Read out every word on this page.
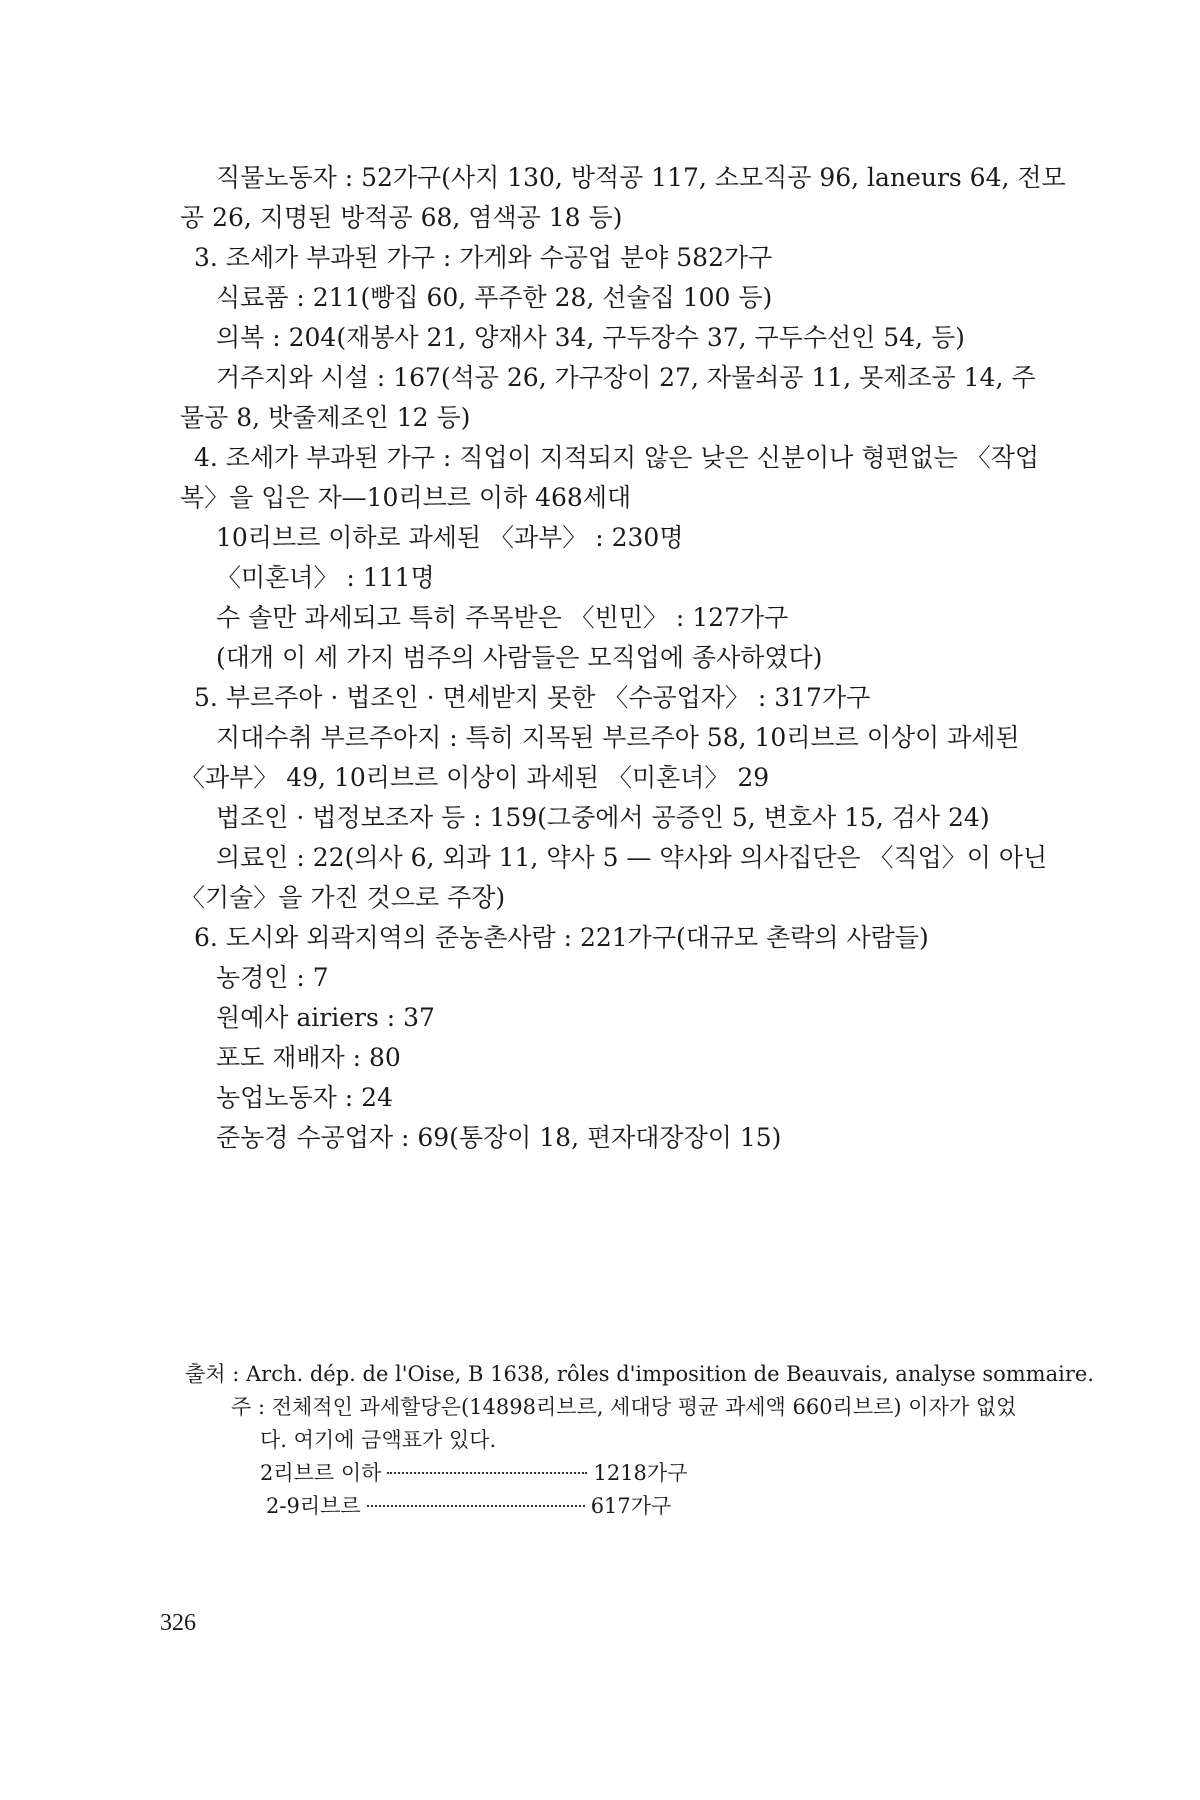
직물노동자 : 52가구(사지 130, 방적공 117, 소모직공 96, laneurs 64, 전모
공 26, 지명된 방적공 68, 염색공 18 등)
3. 조세가 부과된 가구 : 가게와 수공업 분야 582가구
식료품 : 211(빵집 60, 푸주한 28, 선술집 100 등)
의복 : 204(재봉사 21, 양재사 34, 구두장수 37, 구두수선인 54, 등)
거주지와 시설 : 167(석공 26, 가구장이 27, 자물쇠공 11, 못제조공 14, 주
물공 8, 밧줄제조인 12 등)
4. 조세가 부과된 가구 : 직업이 지적되지 않은 낮은 신분이나 형편없는 〈작업
복〉을 입은 자—10리브르 이하 468세대
10리브르 이하로 과세된 〈과부〉 : 230명
〈미혼녀〉 : 111명
수 솔만 과세되고 특히 주목받은 〈빈민〉 : 127가구
(대개 이 세 가지 범주의 사람들은 모직업에 종사하였다)
5. 부르주아 · 법조인 · 면세받지 못한 〈수공업자〉 : 317가구
지대수취 부르주아지 : 특히 지목된 부르주아 58, 10리브르 이상이 과세된
〈과부〉 49, 10리브르 이상이 과세된 〈미혼녀〉 29
법조인 · 법정보조자 등 : 159(그중에서 공증인 5, 변호사 15, 검사 24)
의료인 : 22(의사 6, 외과 11, 약사 5 — 약사와 의사집단은 〈직업〉이 아닌
〈기술〉을 가진 것으로 주장)
6. 도시와 외곽지역의 준농촌사람 : 221가구(대규모 촌락의 사람들)
농경인 : 7
원예사 airiers : 37
포도 재배자 : 80
농업노동자 : 24
준농경 수공업자 : 69(통장이 18, 편자대장장이 15)
출처 : Arch. dép. de l'Oise, B 1638, rôles d'imposition de Beauvais, analyse sommaire.
주 : 전체적인 과세할당은(14898리브르, 세대당 평균 과세액 660리브르) 이자가 없었
다. 여기에 금액표가 있다.
2리브르 이하	1218가구
2-9리브르	617가구
326
